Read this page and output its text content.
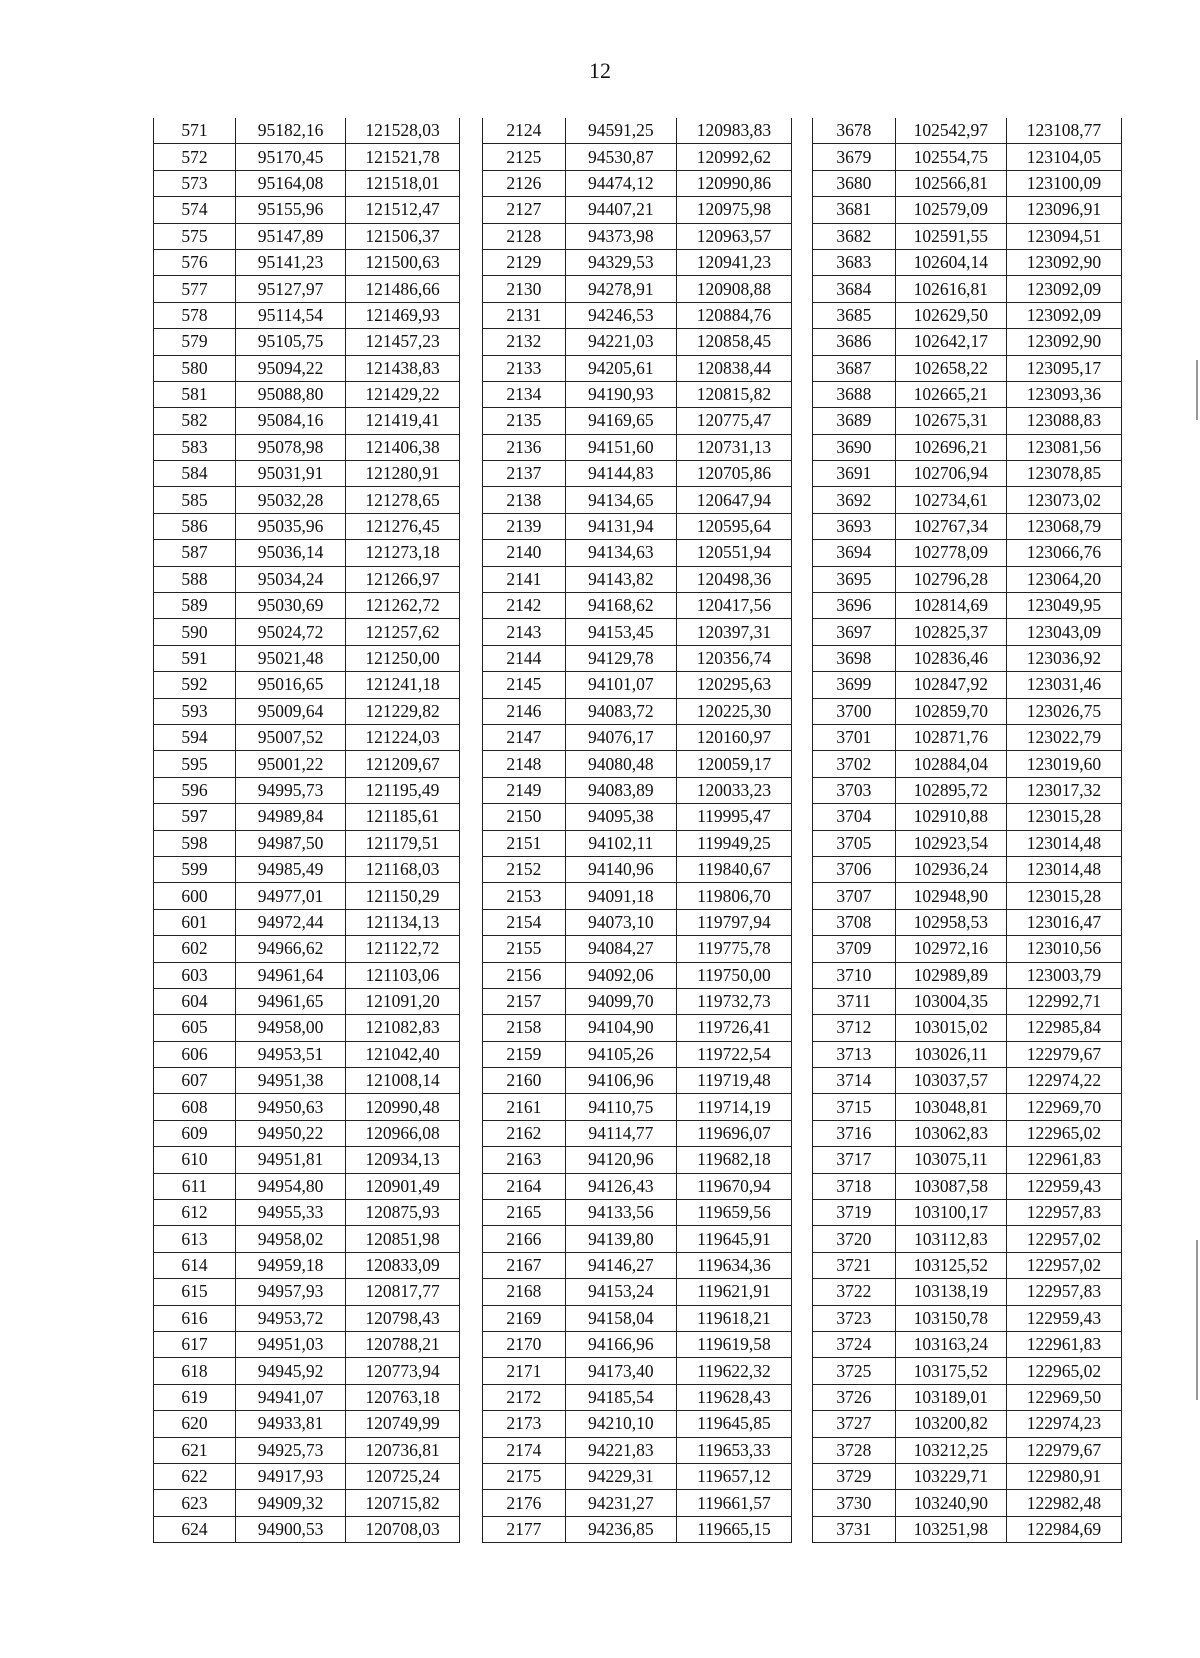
12
571	95182,16	121528,03
572	95170,45	121521,78
573	95164,08	121518,01
574	95155,96	121512,47
575	95147,89	121506,37
576	95141,23	121500,63
577	95127,97	121486,66
578	95114,54	121469,93
579	95105,75	121457,23
580	95094,22	121438,83
581	95088,80	121429,22
582	95084,16	121419,41
583	95078,98	121406,38
584	95031,91	121280,91
585	95032,28	121278,65
586	95035,96	121276,45
587	95036,14	121273,18
588	95034,24	121266,97
589	95030,69	121262,72
590	95024,72	121257,62
591	95021,48	121250,00
592	95016,65	121241,18
593	95009,64	121229,82
594	95007,52	121224,03
595	95001,22	121209,67
596	94995,73	121195,49
597	94989,84	121185,61
598	94987,50	121179,51
599	94985,49	121168,03
600	94977,01	121150,29
601	94972,44	121134,13
602	94966,62	121122,72
603	94961,64	121103,06
604	94961,65	121091,20
605	94958,00	121082,83
606	94953,51	121042,40
607	94951,38	121008,14
608	94950,63	120990,48
609	94950,22	120966,08
610	94951,81	120934,13
611	94954,80	120901,49
612	94955,33	120875,93
613	94958,02	120851,98
614	94959,18	120833,09
615	94957,93	120817,77
616	94953,72	120798,43
617	94951,03	120788,21
618	94945,92	120773,94
619	94941,07	120763,18
620	94933,81	120749,99
621	94925,73	120736,81
622	94917,93	120725,24
623	94909,32	120715,82
624	94900,53	120708,03
2124	94591,25	120983,83
2125	94530,87	120992,62
2126	94474,12	120990,86
2127	94407,21	120975,98
2128	94373,98	120963,57
2129	94329,53	120941,23
2130	94278,91	120908,88
2131	94246,53	120884,76
2132	94221,03	120858,45
2133	94205,61	120838,44
2134	94190,93	120815,82
2135	94169,65	120775,47
2136	94151,60	120731,13
2137	94144,83	120705,86
2138	94134,65	120647,94
2139	94131,94	120595,64
2140	94134,63	120551,94
2141	94143,82	120498,36
2142	94168,62	120417,56
2143	94153,45	120397,31
2144	94129,78	120356,74
2145	94101,07	120295,63
2146	94083,72	120225,30
2147	94076,17	120160,97
2148	94080,48	120059,17
2149	94083,89	120033,23
2150	94095,38	119995,47
2151	94102,11	119949,25
2152	94140,96	119840,67
2153	94091,18	119806,70
2154	94073,10	119797,94
2155	94084,27	119775,78
2156	94092,06	119750,00
2157	94099,70	119732,73
2158	94104,90	119726,41
2159	94105,26	119722,54
2160	94106,96	119719,48
2161	94110,75	119714,19
2162	94114,77	119696,07
2163	94120,96	119682,18
2164	94126,43	119670,94
2165	94133,56	119659,56
2166	94139,80	119645,91
2167	94146,27	119634,36
2168	94153,24	119621,91
2169	94158,04	119618,21
2170	94166,96	119619,58
2171	94173,40	119622,32
2172	94185,54	119628,43
2173	94210,10	119645,85
2174	94221,83	119653,33
2175	94229,31	119657,12
2176	94231,27	119661,57
2177	94236,85	119665,15
3678	102542,97	123108,77
3679	102554,75	123104,05
3680	102566,81	123100,09
3681	102579,09	123096,91
3682	102591,55	123094,51
3683	102604,14	123092,90
3684	102616,81	123092,09
3685	102629,50	123092,09
3686	102642,17	123092,90
3687	102658,22	123095,17
3688	102665,21	123093,36
3689	102675,31	123088,83
3690	102696,21	123081,56
3691	102706,94	123078,85
3692	102734,61	123073,02
3693	102767,34	123068,79
3694	102778,09	123066,76
3695	102796,28	123064,20
3696	102814,69	123049,95
3697	102825,37	123043,09
3698	102836,46	123036,92
3699	102847,92	123031,46
3700	102859,70	123026,75
3701	102871,76	123022,79
3702	102884,04	123019,60
3703	102895,72	123017,32
3704	102910,88	123015,28
3705	102923,54	123014,48
3706	102936,24	123014,48
3707	102948,90	123015,28
3708	102958,53	123016,47
3709	102972,16	123010,56
3710	102989,89	123003,79
3711	103004,35	122992,71
3712	103015,02	122985,84
3713	103026,11	122979,67
3714	103037,57	122974,22
3715	103048,81	122969,70
3716	103062,83	122965,02
3717	103075,11	122961,83
3718	103087,58	122959,43
3719	103100,17	122957,83
3720	103112,83	122957,02
3721	103125,52	122957,02
3722	103138,19	122957,83
3723	103150,78	122959,43
3724	103163,24	122961,83
3725	103175,52	122965,02
3726	103189,01	122969,50
3727	103200,82	122974,23
3728	103212,25	122979,67
3729	103229,71	122980,91
3730	103240,90	122982,48
3731	103251,98	122984,69
